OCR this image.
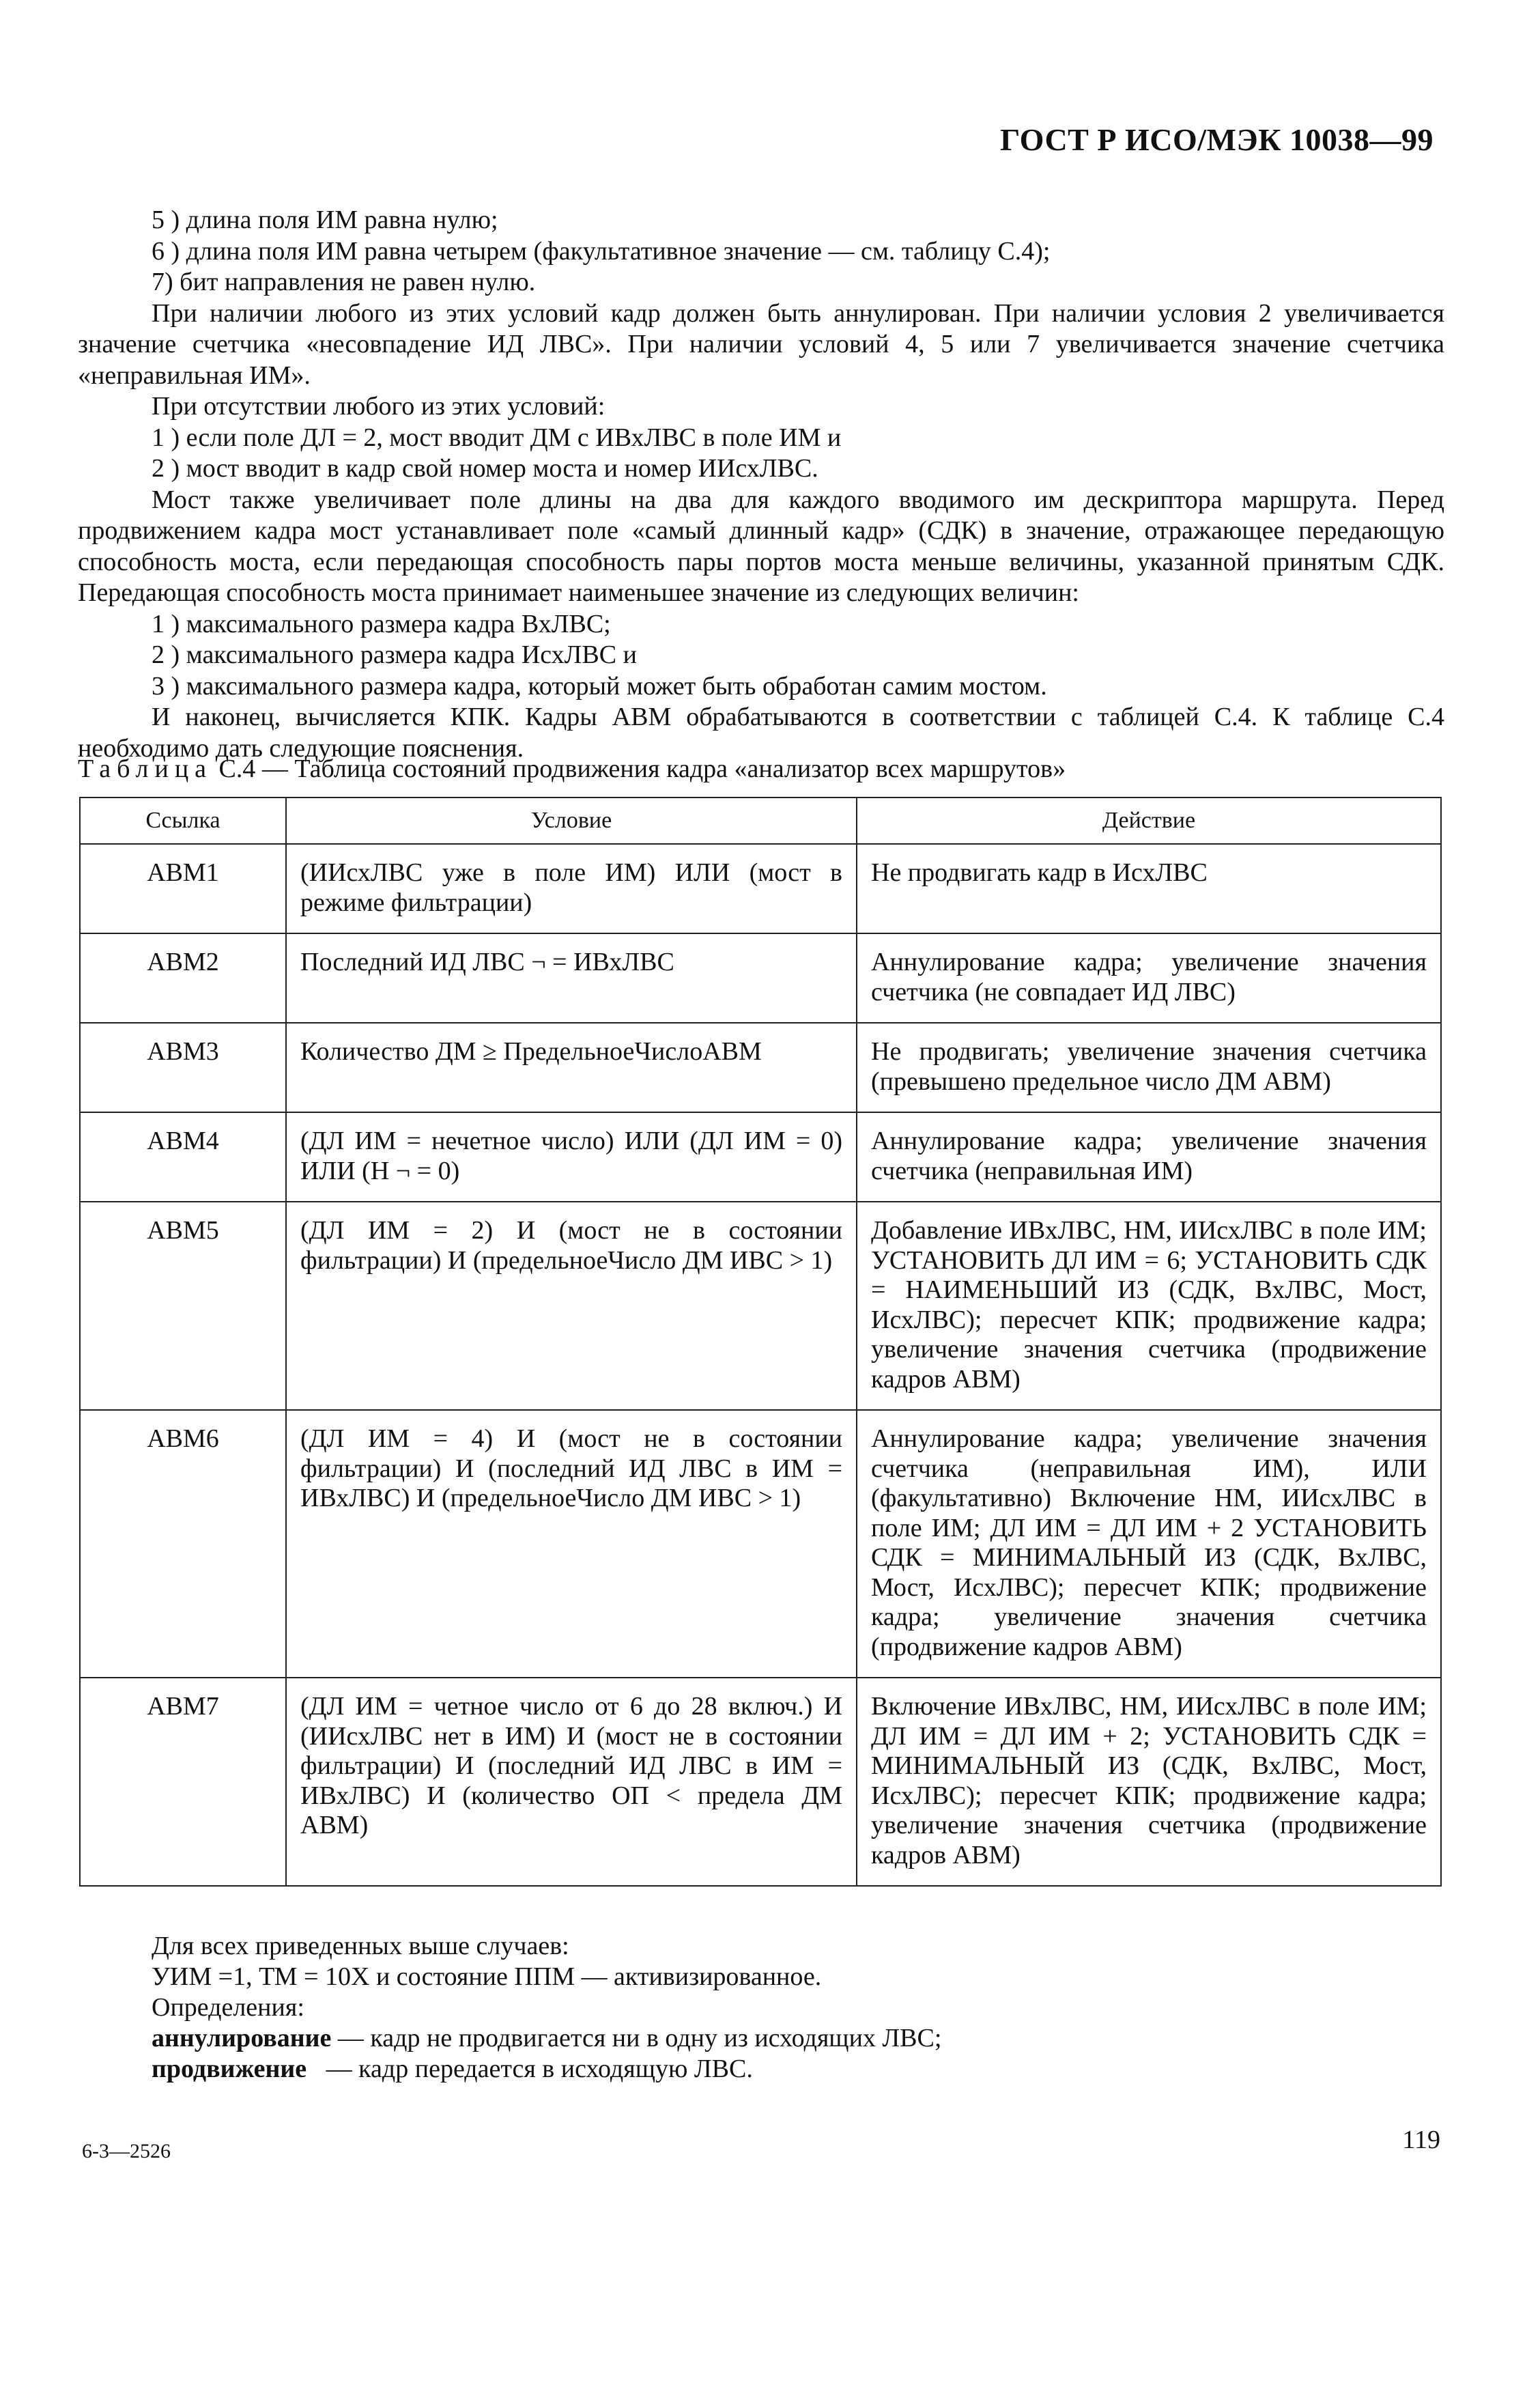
ГОСТ Р ИСО/МЭК 10038—99

5 ) длина поля ИМ равна нулю;

6 ) длина поля ИМ равна четырем (факультативное значение — см. таблицу С.4);

7) бит направления не равен нулю.

При наличии любого из этих условий кадр должен быть аннулирован. При наличии условия 2 увеличивается значение счетчика «несовпадение ИД ЛВС». При наличии условий 4, 5 или 7 увеличивается значение счетчика «неправильная ИМ».

При отсутствии любого из этих условий:

1 ) если поле ДЛ = 2, мост вводит ДМ с ИВхЛВС в поле ИМ и

2 ) мост вводит в кадр свой номер моста и номер ИИсхЛВС.

Мост также увеличивает поле длины на два для каждого вводимого им дескриптора маршрута. Перед продвижением кадра мост устанавливает поле «самый длинный кадр» (СДК) в значение, отражающее передающую способность моста, если передающая способность пары портов моста меньше величины, указанной принятым СДК. Передающая способность моста принимает наименьшее значение из следующих величин:

1 ) максимального размера кадра ВхЛВС;

2 ) максимального размера кадра ИсхЛВС и

3 ) максимального размера кадра, который может быть обработан самим мостом.

И наконец, вычисляется КПК. Кадры АВМ обрабатываются в соответствии с таблицей С.4. К таблице С.4 необходимо дать следующие пояснения.

Таблица С.4 — Таблица состояний продвижения кадра «анализатор всех маршрутов»
Ссылка	Условие	Действие
ABM1	(ИИсхЛВС уже в поле ИМ) ИЛИ (мост в режиме фильтрации)	Не продвигать кадр в ИсхЛВС
АВМ2	Последний ИД ЛВС ¬ = ИВхЛВС	Аннулирование кадра; увеличение значения счетчика (не совпадает ИД ЛВС)
АВМ3	Количество ДМ ≥ ПредельноеЧислоАВМ	Не продвигать; увеличение значения счетчика (превышено предельное число ДМ АВМ)
АВМ4	(ДЛ ИМ = нечетное число) ИЛИ (ДЛ ИМ = 0) ИЛИ (Н ¬ = 0)	Аннулирование кадра; увеличение значения счетчика (неправильная ИМ)
АВМ5	(ДЛ ИМ = 2) И (мост не в состоянии фильтрации) И (предельноеЧисло ДМ ИВС > 1)	Добавление ИВхЛВС, НМ, ИИсхЛВС в поле ИМ; УСТАНОВИТЬ ДЛ ИМ = 6; УСТАНОВИТЬ СДК = НАИМЕНЬШИЙ ИЗ (СДК, ВхЛВС, Мост, ИсхЛВС); пересчет КПК; продвижение кадра; увеличение значения счетчика (продвижение кадров АВМ)
АВМ6	(ДЛ ИМ = 4) И (мост не в состоянии фильтрации) И (последний ИД ЛВС в ИМ = ИВхЛВС) И (предельноеЧисло ДМ ИВС > 1)	Аннулирование кадра; увеличение значения счетчика (неправильная ИМ), ИЛИ (факультативно) Включение НМ, ИИсхЛВС в поле ИМ; ДЛ ИМ = ДЛ ИМ + 2 УСТАНОВИТЬ СДК = МИНИМАЛЬНЫЙ ИЗ (СДК, ВхЛВС, Мост, ИсхЛВС); пересчет КПК; продвижение кадра; увеличение значения счетчика (продвижение кадров АВМ)
АВМ7	(ДЛ ИМ = четное число от 6 до 28 включ.) И (ИИсхЛВС нет в ИМ) И (мост не в состоянии фильтрации) И (последний ИД ЛВС в ИМ = ИВхЛВС) И (количество ОП < предела ДМ АВМ)	Включение ИВхЛВС, НМ, ИИсхЛВС в поле ИМ; ДЛ ИМ = ДЛ ИМ + 2; УСТАНОВИТЬ СДК = МИНИМАЛЬНЫЙ ИЗ (СДК, ВхЛВС, Мост, ИсхЛВС); пересчет КПК; продвижение кадра; увеличение значения счетчика (продвижение кадров АВМ)

Для всех приведенных выше случаев:

УИМ =1, ТМ = 10Х и состояние ППМ — активизированное.

Определения:

аннулирование — кадр не продвигается ни в одну из исходящих ЛВС;

продвижение   — кадр передается в исходящую ЛВС.

6-3—2526	119
